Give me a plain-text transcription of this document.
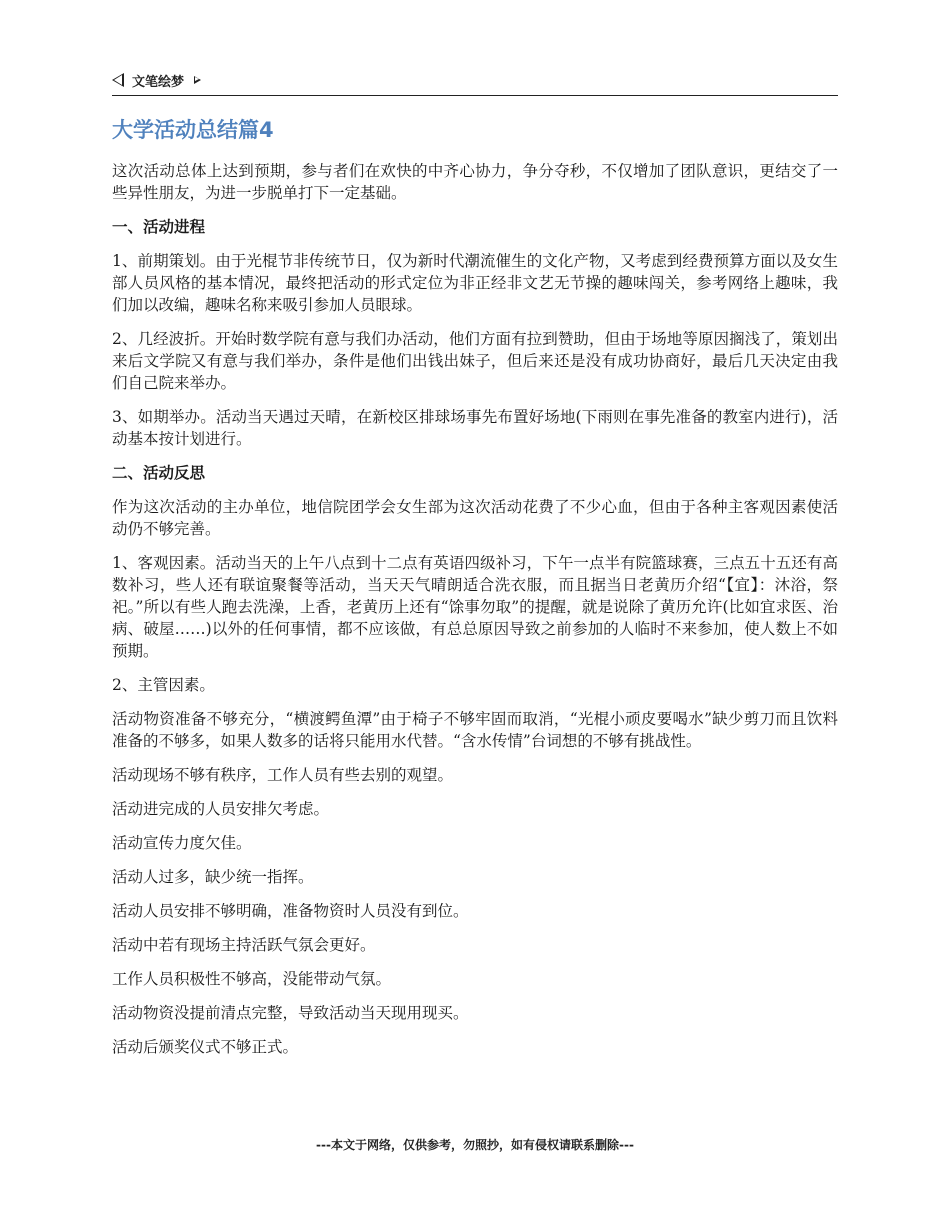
文笔绘梦
大学活动总结篇4

这次活动总体上达到预期，参与者们在欢快的中齐心协力，争分夺秒，不仅增加了团队意识，更结交了一些异性朋友，为进一步脱单打下一定基础。

一、活动进程

1、前期策划。由于光棍节非传统节日，仅为新时代潮流催生的文化产物，又考虑到经费预算方面以及女生部人员风格的基本情况，最终把活动的形式定位为非正经非文艺无节操的趣味闯关，参考网络上趣味，我们加以改编，趣味名称来吸引参加人员眼球。

2、几经波折。开始时数学院有意与我们办活动，他们方面有拉到赞助，但由于场地等原因搁浅了，策划出来后文学院又有意与我们举办，条件是他们出钱出妹子，但后来还是没有成功协商好，最后几天决定由我们自己院来举办。

3、如期举办。活动当天遇过天晴，在新校区排球场事先布置好场地(下雨则在事先准备的教室内进行)，活动基本按计划进行。

二、活动反思

作为这次活动的主办单位，地信院团学会女生部为这次活动花费了不少心血，但由于各种主客观因素使活动仍不够完善。

1、客观因素。活动当天的上午八点到十二点有英语四级补习，下午一点半有院篮球赛，三点五十五还有高数补习，些人还有联谊聚餐等活动，当天天气晴朗适合洗衣服，而且据当日老黄历介绍“【宜】：沐浴，祭祀。”所以有些人跑去洗澡，上香，老黄历上还有“馀事勿取”的提醒，就是说除了黄历允许(比如宜求医、治病、破屋……)以外的任何事情，都不应该做，有总总原因导致之前参加的人临时不来参加，使人数上不如预期。

2、主管因素。

活动物资准备不够充分，“横渡鳄鱼潭”由于椅子不够牢固而取消，“光棍小顽皮要喝水”缺少剪刀而且饮料准备的不够多，如果人数多的话将只能用水代替。“含水传情”台词想的不够有挑战性。

活动现场不够有秩序，工作人员有些去别的观望。

活动进完成的人员安排欠考虑。

活动宣传力度欠佳。

活动人过多，缺少统一指挥。

活动人员安排不够明确，准备物资时人员没有到位。

活动中若有现场主持活跃气氛会更好。

工作人员积极性不够高，没能带动气氛。

活动物资没提前清点完整，导致活动当天现用现买。

活动后颁奖仪式不够正式。

---本文于网络，仅供参考，勿照抄，如有侵权请联系删除---
